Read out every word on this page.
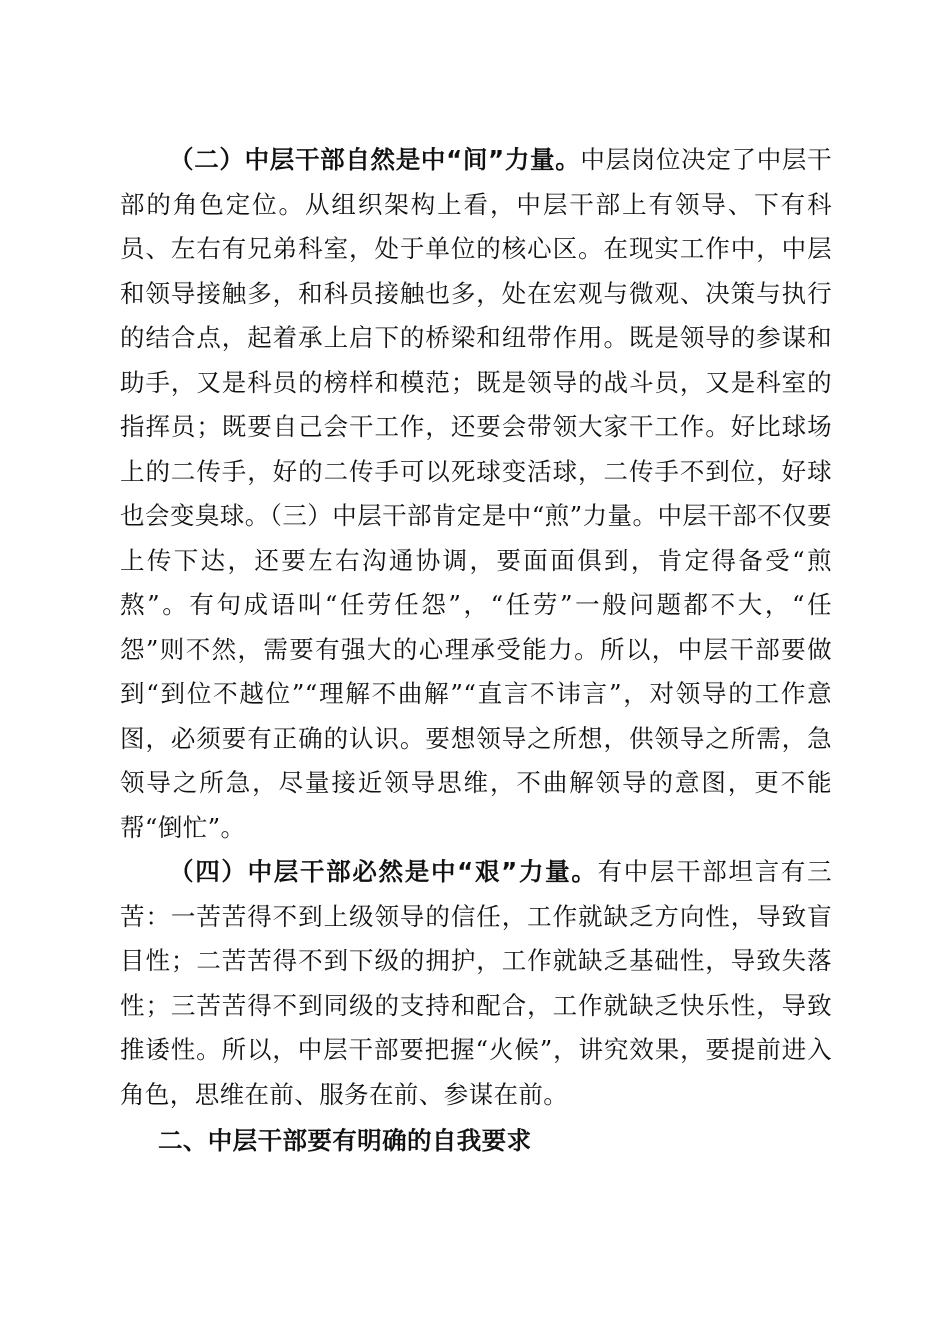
（二）中层干部自然是中“间”力量。中层岗位决定了中层干部的角色定位。从组织架构上看，中层干部上有领导、下有科员、左右有兄弟科室，处于单位的核心区。在现实工作中，中层和领导接触多，和科员接触也多，处在宏观与微观、决策与执行的结合点，起着承上启下的桥梁和纽带作用。既是领导的参谋和助手，又是科员的榜样和模范；既是领导的战斗员，又是科室的指挥员；既要自己会干工作，还要会带领大家干工作。好比球场上的二传手，好的二传手可以死球变活球，二传手不到位，好球也会变臭球。（三）中层干部肯定是中“煎”力量。中层干部不仅要上传下达，还要左右沟通协调，要面面俱到，肯定得备受“煎熬”。有句成语叫“任劳任怨”，“任劳”一般问题都不大，“任怨”则不然，需要有强大的心理承受能力。所以，中层干部要做到“到位不越位”“理解不曲解”“直言不讳言”，对领导的工作意图，必须要有正确的认识。要想领导之所想，供领导之所需，急领导之所急，尽量接近领导思维，不曲解领导的意图，更不能帮“倒忙”。

（四）中层干部必然是中“艰”力量。有中层干部坦言有三苦：一苦苦得不到上级领导的信任，工作就缺乏方向性，导致盲目性；二苦苦得不到下级的拥护，工作就缺乏基础性，导致失落性；三苦苦得不到同级的支持和配合，工作就缺乏快乐性，导致推诿性。所以，中层干部要把握“火候”，讲究效果，要提前进入角色，思维在前、服务在前、参谋在前。

二、中层干部要有明确的自我要求
